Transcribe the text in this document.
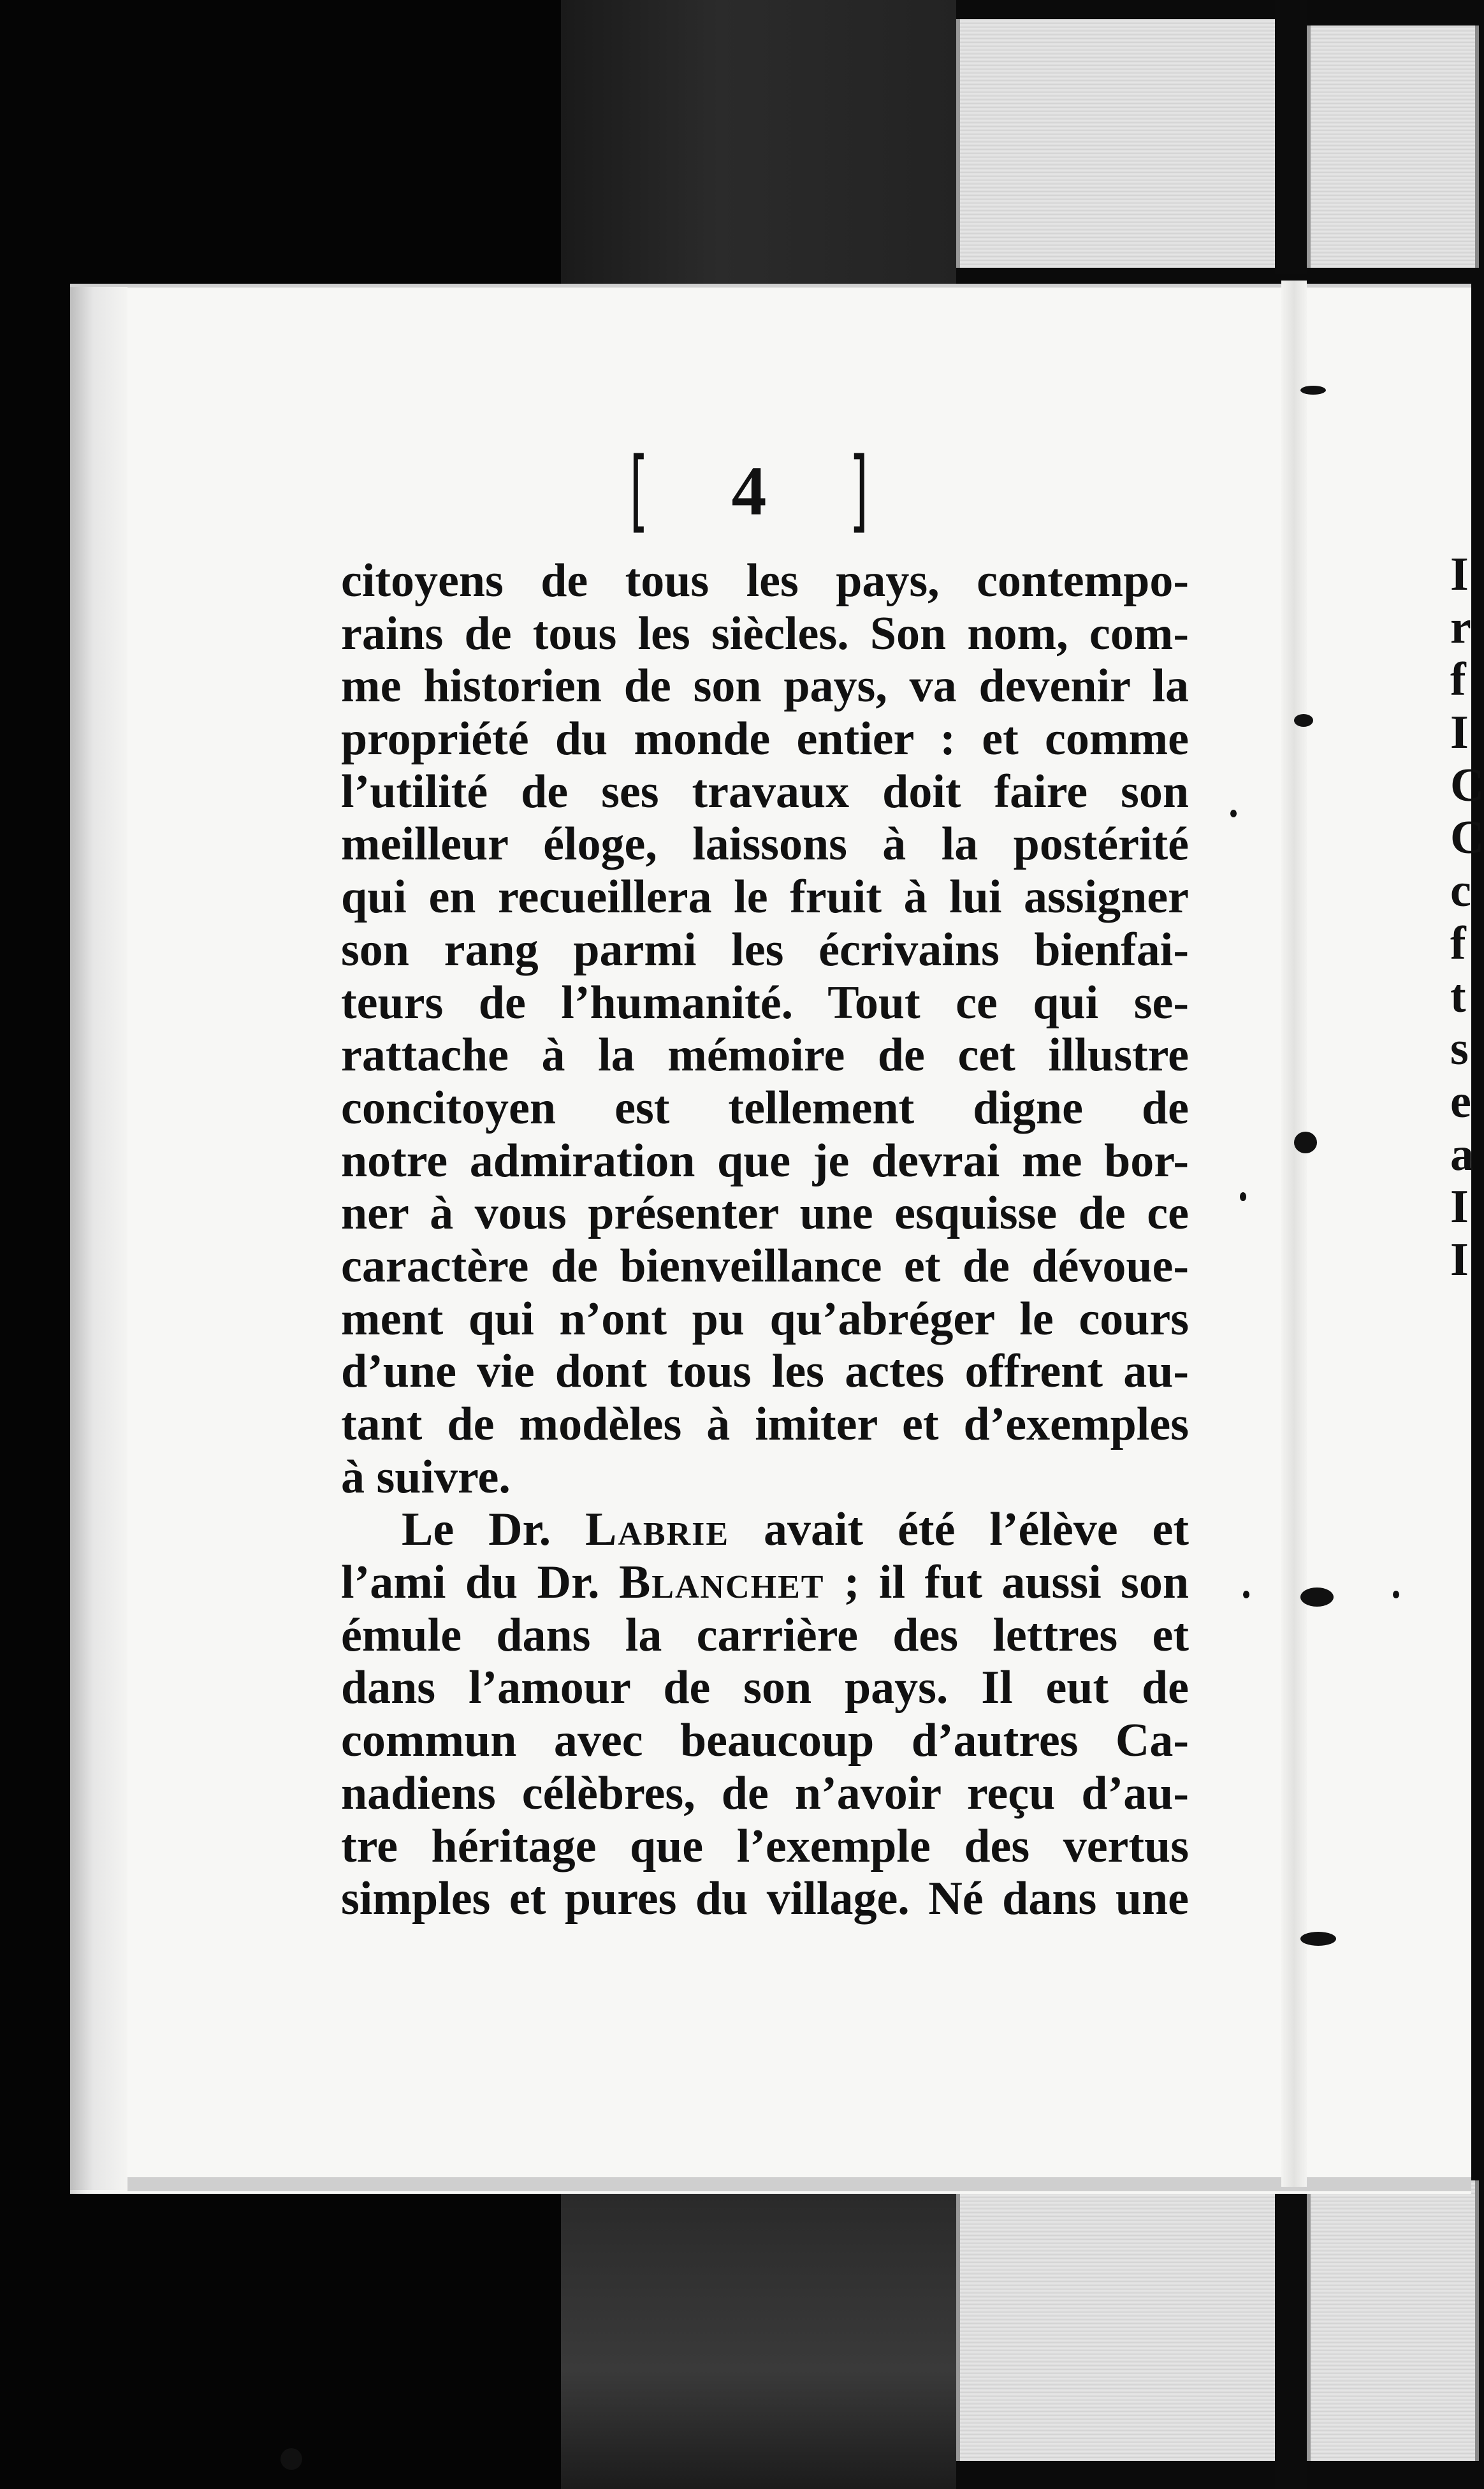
[ 4 ]
citoyens de tous les pays, contempo-
rains de tous les siècles. Son nom, com-
me historien de son pays, va devenir la
propriété du monde entier : et comme
l’utilité de ses travaux doit faire son
meilleur éloge, laissons à la postérité
qui en recueillera le fruit à lui assigner
son rang parmi les écrivains bienfai-
teurs de l’humanité. Tout ce qui se-
rattache à la mémoire de cet illustre
concitoyen est tellement digne de
notre admiration que je devrai me bor-
ner à vous présenter une esquisse de ce
caractère de bienveillance et de dévoue-
ment qui n’ont pu qu’abréger le cours
d’une vie dont tous les actes offrent au-
tant de modèles à imiter et d’exemples
à suivre.
Le Dr. Labrie avait été l’élève et
l’ami du Dr. Blanchet ; il fut aussi son
émule dans la carrière des lettres et
dans l’amour de son pays. Il eut de
commun avec beaucoup d’autres Ca-
nadiens célèbres, de n’avoir reçu d’au-
tre héritage que l’exemple des vertus
simples et pures du village. Né dans une
I
r
f
I
C
C
c
f
t
s
e
a
I
I
